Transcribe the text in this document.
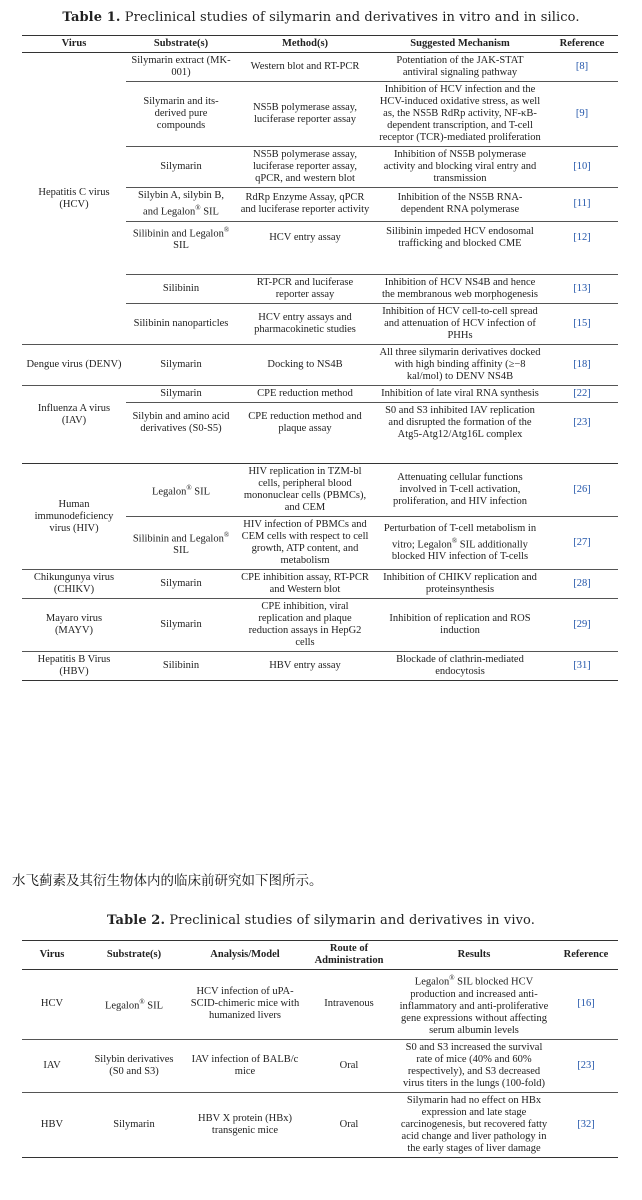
Table 1. Preclinical studies of silymarin and derivatives in vitro and in silico.
Virus	Substrate(s)	Method(s)	Suggested Mechanism	Reference
Hepatitis C virus (HCV)	Silymarin extract (MK-001)	Western blot and RT-PCR	Potentiation of the JAK-STAT antiviral signaling pathway	[8]
	Silymarin and its-derived pure compounds	NS5B polymerase assay, luciferase reporter assay	Inhibition of HCV infection and the HCV-induced oxidative stress, as well as, the NS5B RdRp activity, NF-κB-dependent transcription, and T-cell receptor (TCR)-mediated proliferation	[9]
	Silymarin	NS5B polymerase assay, luciferase reporter assay, qPCR, and western blot	Inhibition of NS5B polymerase activity and blocking viral entry and transmission	[10]
	Silybin A, silybin B, and Legalon® SIL	RdRp Enzyme Assay, qPCR and luciferase reporter activity	Inhibition of the NS5B RNA-dependent RNA polymerase	[11]
	Silibinin and Legalon® SIL	HCV entry assay	Silibinin impeded HCV endosomal trafficking and blocked CME	[12]

	Silibinin	RT-PCR and luciferase reporter assay	Inhibition of HCV NS4B and hence the membranous web morphogenesis	[13]
	Silibinin nanoparticles	HCV entry assays and pharmacokinetic studies	Inhibition of HCV cell-to-cell spread and attenuation of HCV infection of PHHs	[15]
Dengue virus (DENV)	Silymarin	Docking to NS4B	All three silymarin derivatives docked with high binding affinity (≥−8 kal/mol) to DENV NS4B	[18]
Influenza A virus (IAV)	Silymarin	CPE reduction method	Inhibition of late viral RNA synthesis	[22]
	Silybin and amino acid derivatives (S0-S5)	CPE reduction method and plaque assay	S0 and S3 inhibited IAV replication and disrupted the formation of the Atg5-Atg12/Atg16L complex	[23]

Human immunodeficiency virus (HIV)	Legalon® SIL	HIV replication in TZM-bl cells, peripheral blood mononuclear cells (PBMCs), and CEM	Attenuating cellular functions involved in T-cell activation, proliferation, and HIV infection	[26]
	Silibinin and Legalon® SIL	HIV infection of PBMCs and CEM cells with respect to cell growth, ATP content, and metabolism	Perturbation of T-cell metabolism in vitro; Legalon® SIL additionally blocked HIV infection of T-cells	[27]
Chikungunya virus (CHIKV)	Silymarin	CPE inhibition assay, RT-PCR and Western blot	Inhibition of CHIKV replication and proteinsynthesis	[28]
Mayaro virus (MAYV)	Silymarin	CPE inhibition, viral replication and plaque reduction assays in HepG2 cells	Inhibition of replication and ROS induction	[29]
Hepatitis B Virus (HBV)	Silibinin	HBV entry assay	Blockade of clathrin-mediated endocytosis	[31]
水飞蓟素及其衍生物体内的临床前研究如下图所示。
Table 2. Preclinical studies of silymarin and derivatives in vivo.
Virus	Substrate(s)	Analysis/Model	Route of Administration	Results	Reference
HCV	Legalon® SIL	HCV infection of uPA-SCID-chimeric mice with humanized livers	Intravenous	Legalon® SIL blocked HCV production and increased anti-inflammatory and anti-proliferative gene expressions without affecting serum albumin levels	[16]
IAV	Silybin derivatives (S0 and S3)	IAV infection of BALB/c mice	Oral	S0 and S3 increased the survival rate of mice (40% and 60% respectively), and S3 decreased virus titers in the lungs (100-fold)	[23]
HBV	Silymarin	HBV X protein (HBx) transgenic mice	Oral	Silymarin had no effect on HBx expression and late stage carcinogenesis, but recovered fatty acid change and liver pathology in the early stages of liver damage	[32]
